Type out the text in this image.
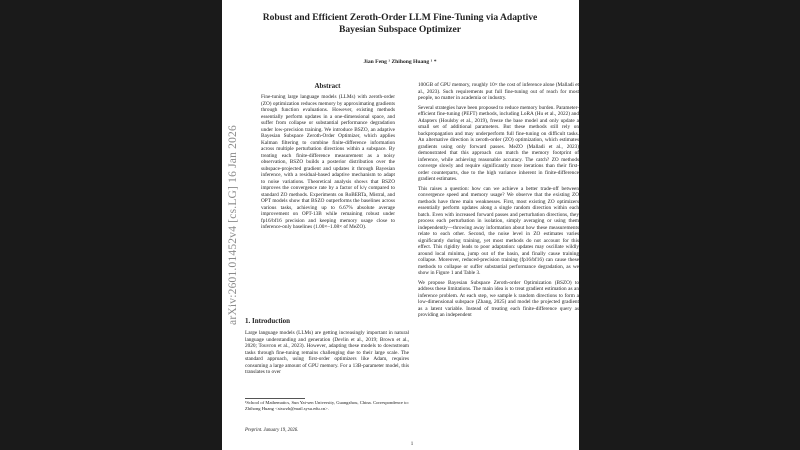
arXiv:2601.01452v4 [cs.LG] 16 Jan 2026
Robust and Efficient Zeroth-Order LLM Fine-Tuning via Adaptive Bayesian Subspace Optimizer
Jian Feng ¹ Zhihong Huang ¹ *
Abstract

Fine-tuning large language models (LLMs) with zeroth-order (ZO) optimization reduces memory by approximating gradients through function evaluations. However, existing methods essentially perform updates in a one-dimensional space, and suffer from collapse or substantial performance degradation under low-precision training. We introduce BSZO, an adaptive Bayesian Subspace Zeroth-Order Optimizer, which applies Kalman filtering to combine finite-difference information across multiple perturbation directions within a subspace. By treating each finite-difference measurement as a noisy observation, BSZO builds a posterior distribution over the subspace-projected gradient and updates it through Bayesian inference, with a residual-based adaptive mechanism to adapt to noise variations. Theoretical analysis shows that BSZO improves the convergence rate by a factor of k/γ compared to standard ZO methods. Experiments on RoBERTa, Mistral, and OPT models show that BSZO outperforms the baselines across various tasks, achieving up to 6.67% absolute average improvement on OPT-13B while remaining robust under fp16/bf16 precision and keeping memory usage close to inference-only baselines (1.00×–1.08× of MeZO).

1. Introduction

Large language models (LLMs) are getting increasingly important in natural language understanding and generation (Devlin et al., 2019; Brown et al., 2020; Touvron et al., 2023). However, adapting these models to downstream tasks through fine-tuning remains challenging due to their large scale. The standard approach, using first-order optimizers like Adam, requires consuming a large amount of GPU memory. For a 13B-parameter model, this translates to over

¹School of Mathematics, Sun Yat-sen University, Guangzhou, China. Correspondence to: Zhihong Huang <stswzh@mail.sysu.edu.cn>.
Preprint. January 19, 2026.

100GB of GPU memory, roughly 10× the cost of inference alone (Malladi et al., 2023). Such requirements put full fine-tuning out of reach for most people, no matter in academia or industry.

Several strategies have been proposed to reduce memory burden. Parameter-efficient fine-tuning (PEFT) methods, including LoRA (Hu et al., 2022) and Adapters (Houlsby et al., 2019), freeze the base model and only update a small set of additional parameters. But these methods still rely on backpropagation and may underperform full fine-tuning on difficult tasks. An alternative direction is zeroth-order (ZO) optimization, which estimates gradients using only forward passes. MeZO (Malladi et al., 2023) demonstrated that this approach can match the memory footprint of inference, while achieving reasonable accuracy. The catch? ZO methods converge slowly and require significantly more iterations than their first-order counterparts, due to the high variance inherent in finite-difference gradient estimates.

This raises a question: how can we achieve a better trade-off between convergence speed and memory usage? We observe that the existing ZO methods have three main weaknesses. First, most existing ZO optimizers essentially perform updates along a single random direction within each batch. Even with increased forward passes and perturbation directions, they process each perturbation in isolation, simply averaging or using them independently—throwing away information about how these measurements relate to each other. Second, the noise level in ZO estimates varies significantly during training, yet most methods do not account for this effect. This rigidity leads to poor adaptation: updates may oscillate wildly around local minima, jump out of the basin, and finally cause training collapse. Moreover, reduced-precision training (fp16/bf16) can cause these methods to collapse or suffer substantial performance degradation, as we show in Figure 1 and Table 3.

We propose Bayesian Subspace Zeroth-order Optimization (BSZO) to address these limitations. The main idea is to treat gradient estimation as an inference problem. At each step, we sample k random directions to form a low-dimensional subspace (Zhang, 2025) and model the projected gradient as a latent variable. Instead of treating each finite-difference query as providing an independent

1
